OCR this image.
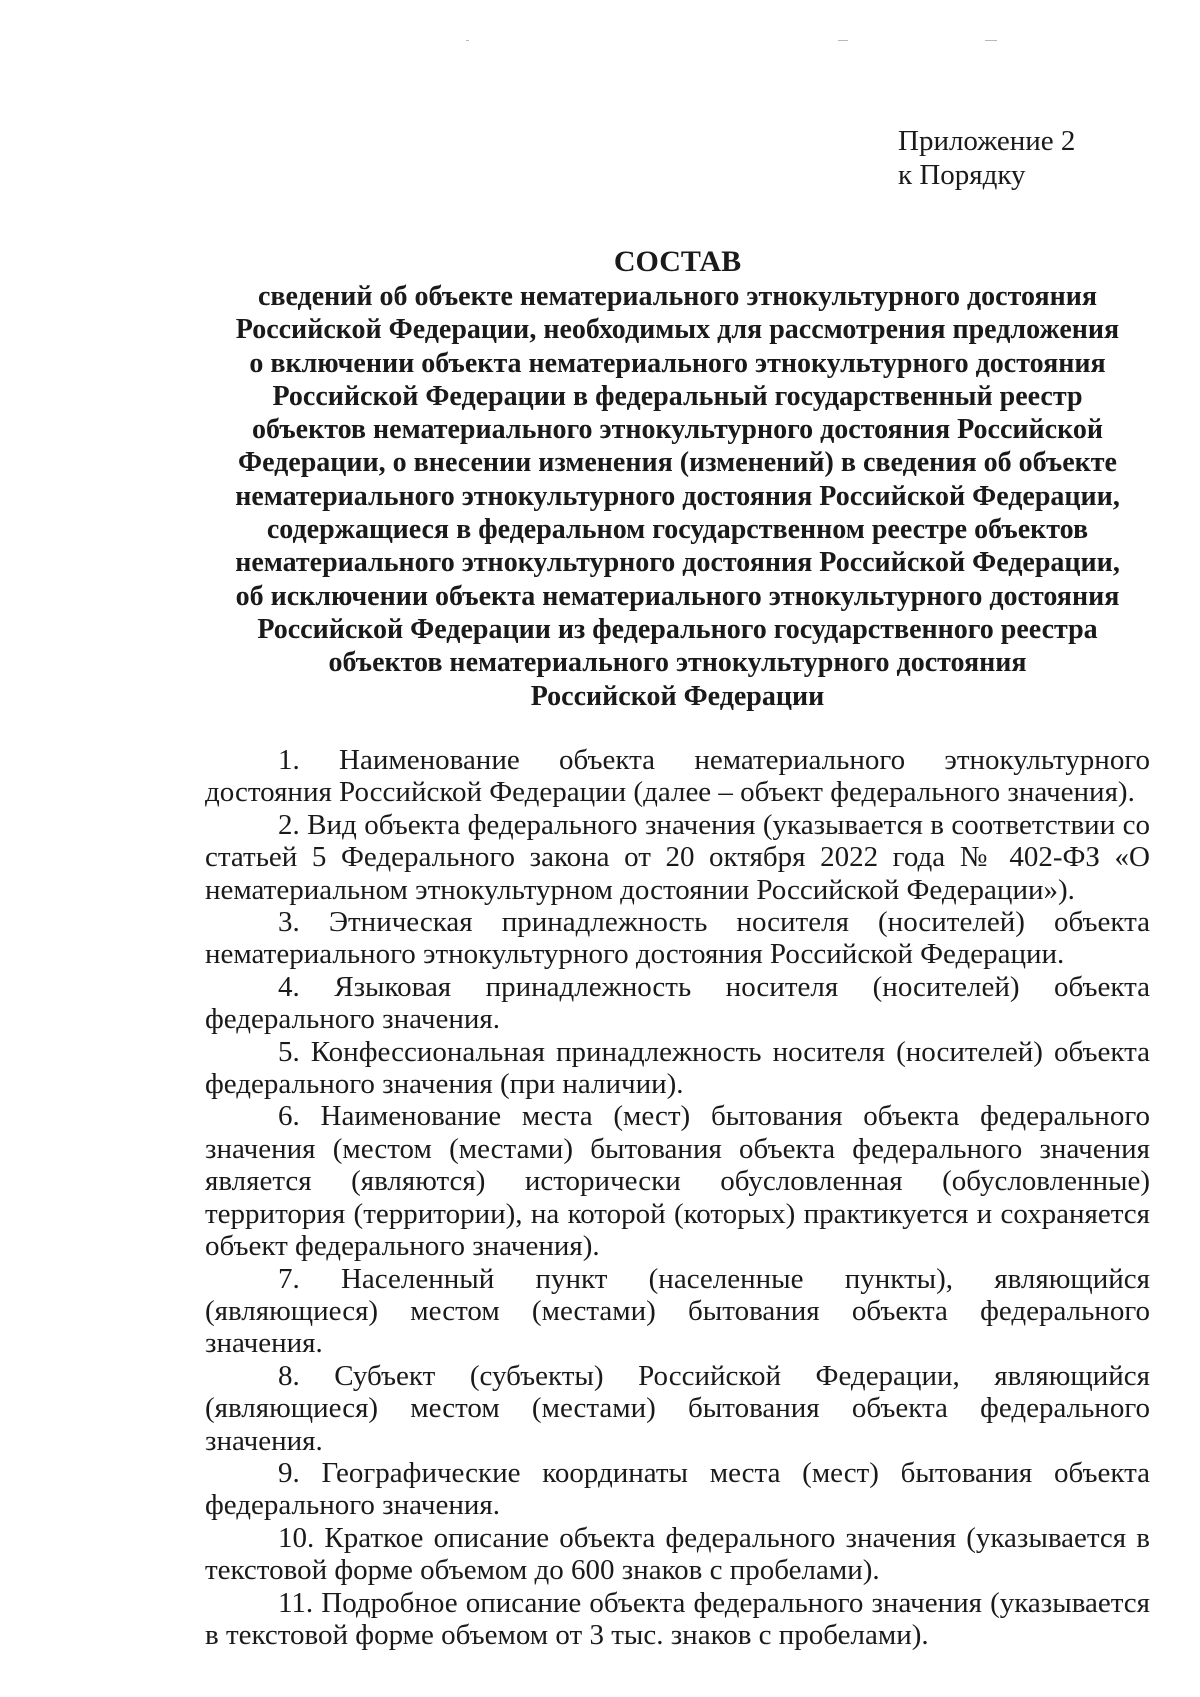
Приложение 2
к Порядку
СОСТАВ
сведений об объекте нематериального этнокультурного достояния
Российской Федерации, необходимых для рассмотрения предложения
о включении объекта нематериального этнокультурного достояния
Российской Федерации в федеральный государственный реестр
объектов нематериального этнокультурного достояния Российской
Федерации, о внесении изменения (изменений) в сведения об объекте
нематериального этнокультурного достояния Российской Федерации,
содержащиеся в федеральном государственном реестре объектов
нематериального этнокультурного достояния Российской Федерации,
об исключении объекта нематериального этнокультурного достояния
Российской Федерации из федерального государственного реестра
объектов нематериального этнокультурного достояния
Российской Федерации

1. Наименование объекта нематериального этнокультурного достояния Российской Федерации (далее – объект федерального значения).

2. Вид объекта федерального значения (указывается в соответствии со статьей 5 Федерального закона от 20 октября 2022 года № 402-ФЗ «О нематериальном этнокультурном достоянии Российской Федерации»).

3. Этническая принадлежность носителя (носителей) объекта нематериального этнокультурного достояния Российской Федерации.

4. Языковая принадлежность носителя (носителей) объекта федерального значения.

5. Конфессиональная принадлежность носителя (носителей) объекта федерального значения (при наличии).

6. Наименование места (мест) бытования объекта федерального значения (местом (местами) бытования объекта федерального значения является (являются) исторически обусловленная (обусловленные) территория (территории), на которой (которых) практикуется и сохраняется объект федерального значения).

7. Населенный пункт (населенные пункты), являющийся (являющиеся) местом (местами) бытования объекта федерального значения.

8. Субъект (субъекты) Российской Федерации, являющийся (являющиеся) местом (местами) бытования объекта федерального значения.

9. Географические координаты места (мест) бытования объекта федерального значения.

10. Краткое описание объекта федерального значения (указывается в текстовой форме объемом до 600 знаков с пробелами).

11. Подробное описание объекта федерального значения (указывается в текстовой форме объемом от 3 тыс. знаков с пробелами).
